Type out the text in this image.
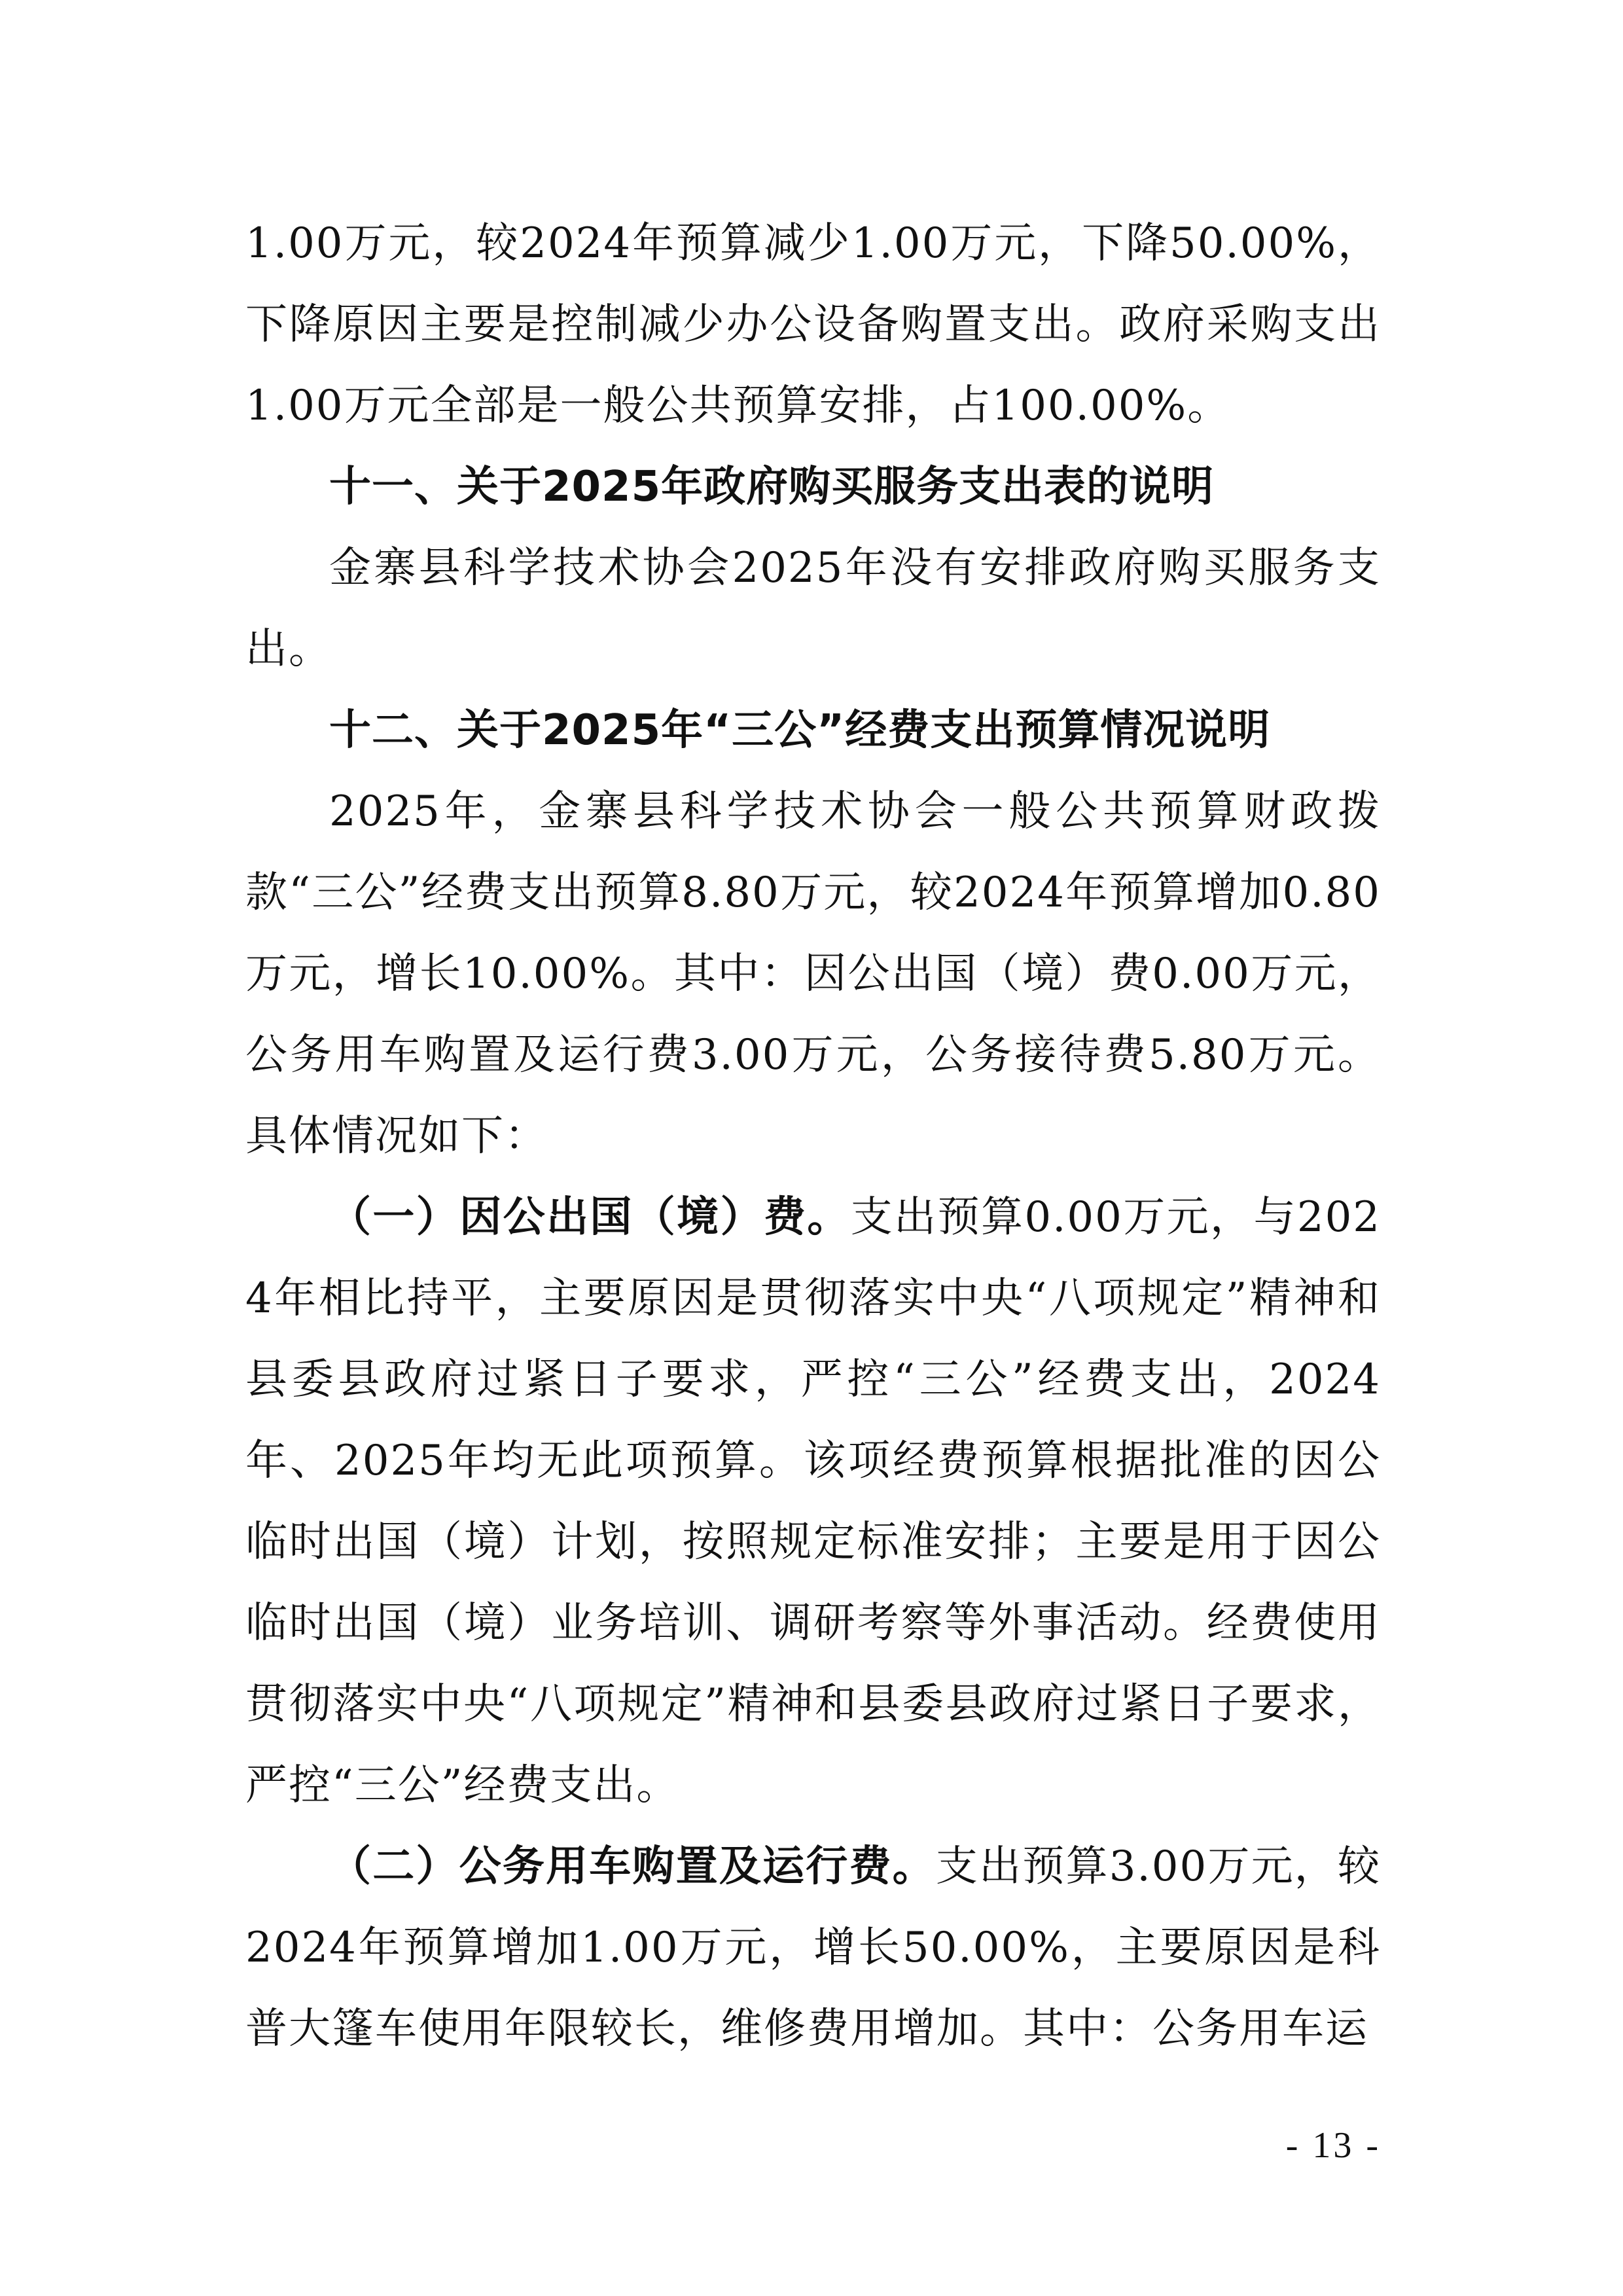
1.00万元，较2024年预算减少1.00万元，下降50.00%，下降原因主要是控制减少办公设备购置支出。政府采购支出1.00万元全部是一般公共预算安排，占100.00%。

十一、关于2025年政府购买服务支出表的说明

金寨县科学技术协会2025年没有安排政府购买服务支出。

十二、关于2025年“三公”经费支出预算情况说明

2025年，金寨县科学技术协会一般公共预算财政拨款“三公”经费支出预算8.80万元，较2024年预算增加0.80万元，增长10.00%。其中：因公出国（境）费0.00万元，公务用车购置及运行费3.00万元，公务接待费5.80万元。具体情况如下：

（一）因公出国（境）费。支出预算0.00万元，与2024年相比持平，主要原因是贯彻落实中央“八项规定”精神和县委县政府过紧日子要求，严控“三公”经费支出，2024年、2025年均无此项预算。该项经费预算根据批准的因公临时出国（境）计划，按照规定标准安排；主要是用于因公临时出国（境）业务培训、调研考察等外事活动。经费使用贯彻落实中央“八项规定”精神和县委县政府过紧日子要求，严控“三公”经费支出。

（二）公务用车购置及运行费。支出预算3.00万元，较2024年预算增加1.00万元，增长50.00%，主要原因是科普大篷车使用年限较长，维修费用增加。其中：公务用车运

- 13 -
